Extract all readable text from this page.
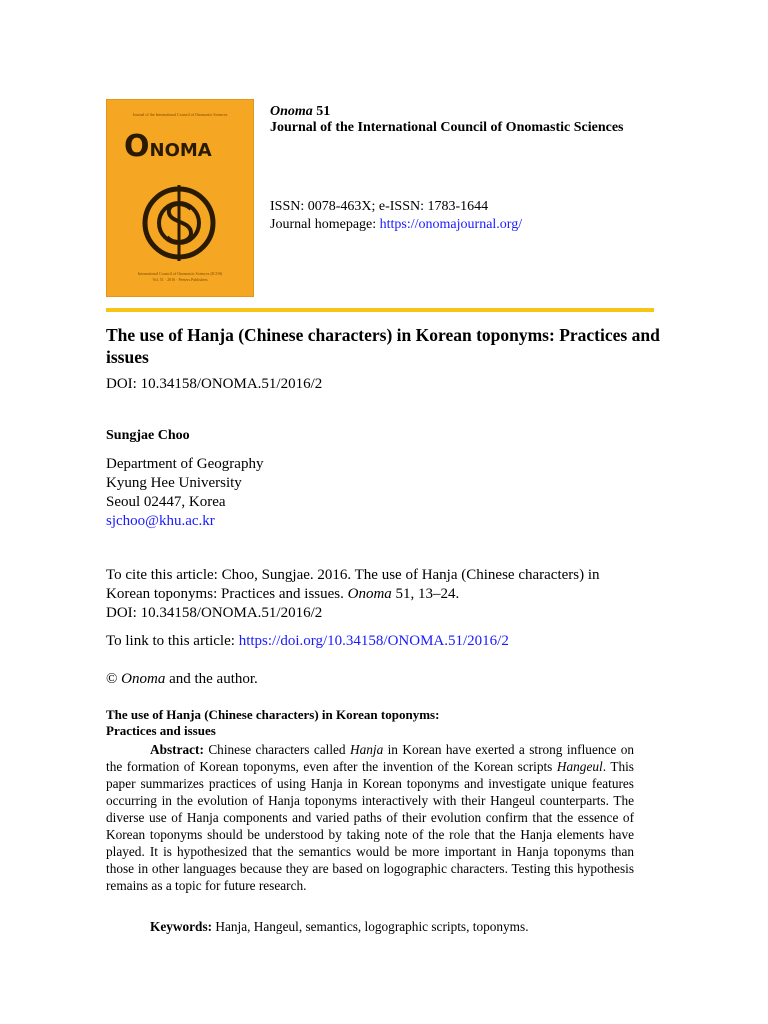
Journal of the International Council of Onomastic Sciences
ONOMA
International Council of Onomastic Sciences (ICOS)
Vol. 51 · 2016 · Peeters Publishers
Onoma 51
Journal of the International Council of Onomastic Sciences
ISSN: 0078-463X; e-ISSN: 1783-1644
Journal homepage: https://onomajournal.org/
The use of Hanja (Chinese characters) in Korean toponyms: Practices and issues
DOI: 10.34158/ONOMA.51/2016/2
Sungjae Choo
Department of Geography
Kyung Hee University
Seoul 02447, Korea
sjchoo@khu.ac.kr
To cite this article: Choo, Sungjae. 2016. The use of Hanja (Chinese characters) in Korean toponyms: Practices and issues. Onoma 51, 13–24.
DOI: 10.34158/ONOMA.51/2016/2
To link to this article: https://doi.org/10.34158/ONOMA.51/2016/2
© Onoma and the author.
The use of Hanja (Chinese characters) in Korean toponyms:
Practices and issues
Abstract: Chinese characters called Hanja in Korean have exerted a strong influence on the formation of Korean toponyms, even after the invention of the Korean scripts Hangeul. This paper summarizes practices of using Hanja in Korean toponyms and investigate unique features occurring in the evolution of Hanja toponyms interactively with their Hangeul counterparts. The diverse use of Hanja components and varied paths of their evolution confirm that the essence of Korean toponyms should be understood by taking note of the role that the Hanja elements have played. It is hypothesized that the semantics would be more important in Hanja toponyms than those in other languages because they are based on logographic characters. Testing this hypothesis remains as a topic for future research.
Keywords: Hanja, Hangeul, semantics, logographic scripts, toponyms.
